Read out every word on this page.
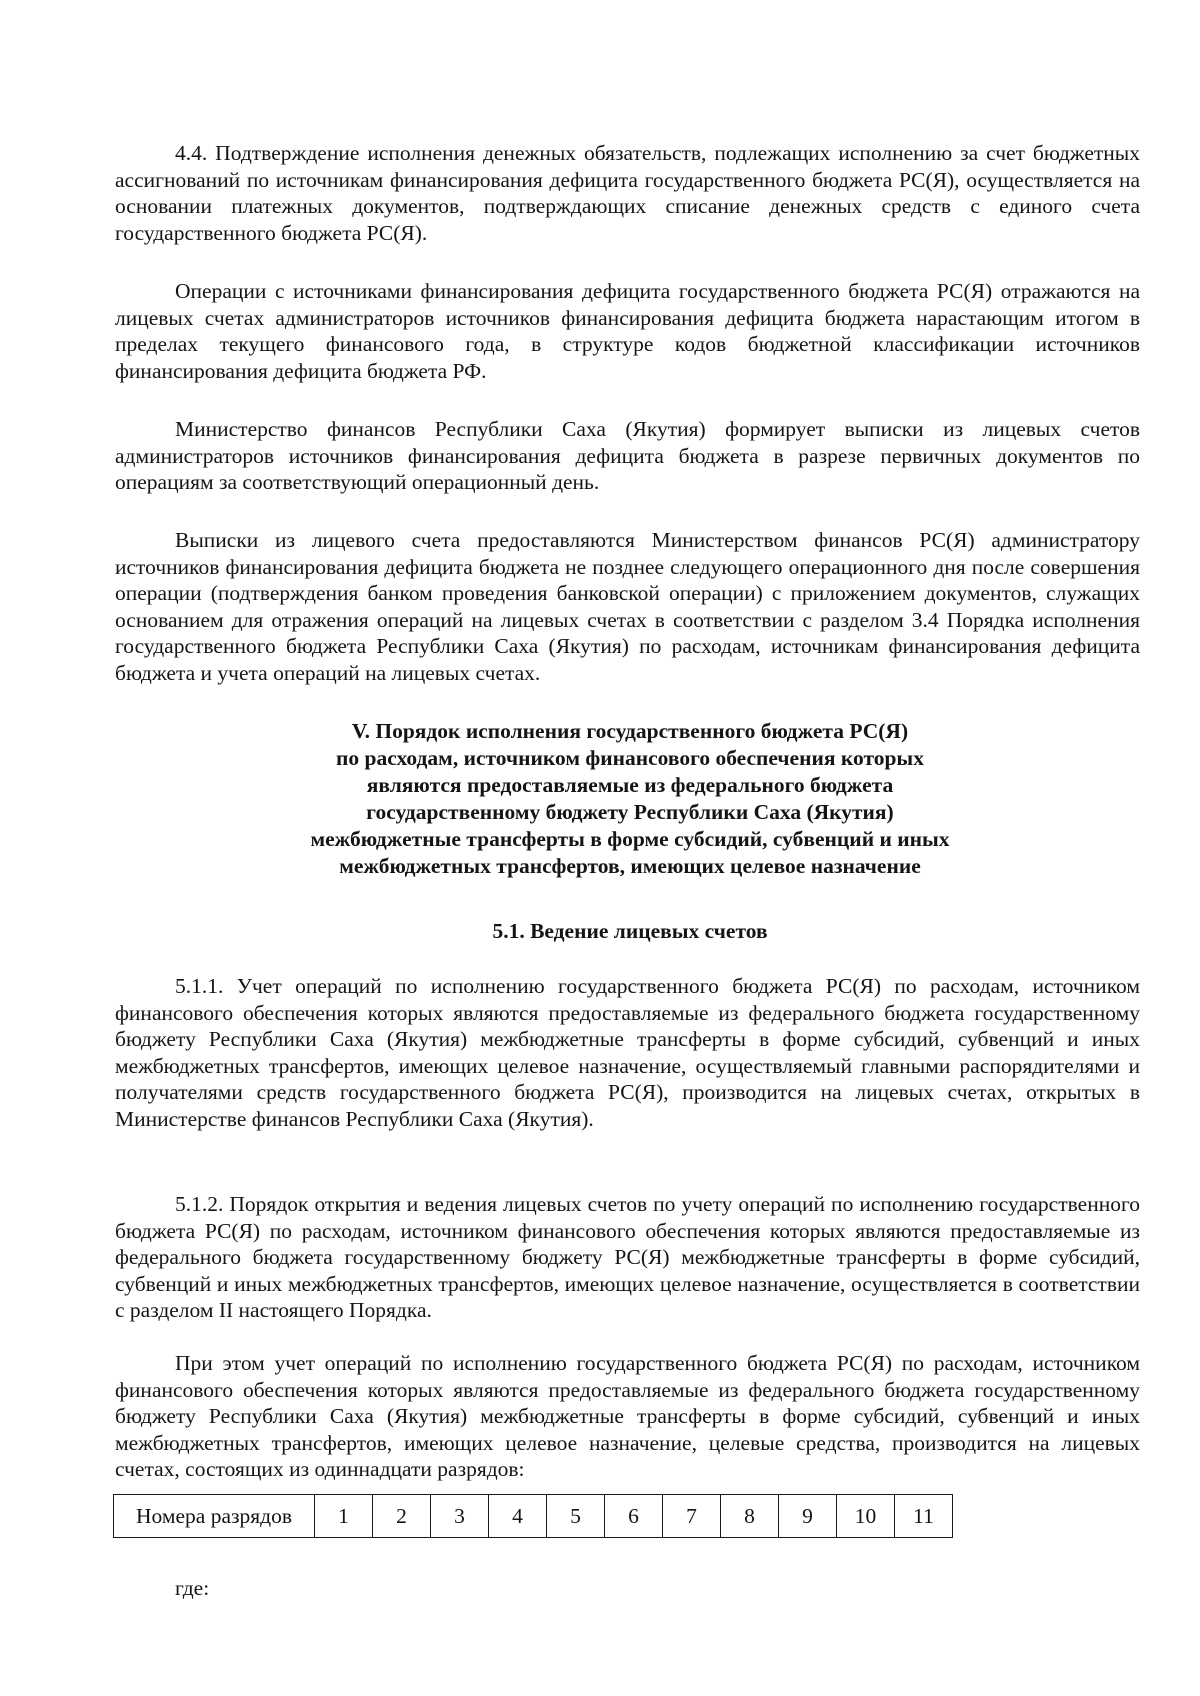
4.4. Подтверждение исполнения денежных обязательств, подлежащих исполнению за счет бюджетных ассигнований по источникам финансирования дефицита государственного бюджета РС(Я), осуществляется на основании платежных документов, подтверждающих списание денежных средств с единого счета государственного бюджета РС(Я).

Операции с источниками финансирования дефицита государственного бюджета РС(Я) отражаются на лицевых счетах администраторов источников финансирования дефицита бюджета нарастающим итогом в пределах текущего финансового года, в структуре кодов бюджетной классификации источников финансирования дефицита бюджета РФ.

Министерство финансов Республики Саха (Якутия) формирует выписки из лицевых счетов администраторов источников финансирования дефицита бюджета в разрезе первичных документов по операциям за соответствующий операционный день.

Выписки из лицевого счета предоставляются Министерством финансов РС(Я) администратору источников финансирования дефицита бюджета не позднее следующего операционного дня после совершения операции (подтверждения банком проведения банковской операции) с приложением документов, служащих основанием для отражения операций на лицевых счетах в соответствии с разделом 3.4 Порядка исполнения государственного бюджета Республики Саха (Якутия) по расходам, источникам финансирования дефицита бюджета и учета операций на лицевых счетах.

V. Порядок исполнения государственного бюджета РС(Я)
по расходам, источником финансового обеспечения которых
являются предоставляемые из федерального бюджета
государственному бюджету Республики Саха (Якутия)
межбюджетные трансферты в форме субсидий, субвенций и иных
межбюджетных трансфертов, имеющих целевое назначение
5.1. Ведение лицевых счетов

5.1.1. Учет операций по исполнению государственного бюджета РС(Я) по расходам, источником финансового обеспечения которых являются предоставляемые из федерального бюджета государственному бюджету Республики Саха (Якутия) межбюджетные трансферты в форме субсидий, субвенций и иных межбюджетных трансфертов, имеющих целевое назначение, осуществляемый главными распорядителями и получателями средств государственного бюджета РС(Я), производится на лицевых счетах, открытых в Министерстве финансов Республики Саха (Якутия).

5.1.2. Порядок открытия и ведения лицевых счетов по учету операций по исполнению государственного бюджета РС(Я) по расходам, источником финансового обеспечения которых являются предоставляемые из федерального бюджета государственному бюджету РС(Я) межбюджетные трансферты в форме субсидий, субвенций и иных межбюджетных трансфертов, имеющих целевое назначение, осуществляется в соответствии с разделом II настоящего Порядка.

При этом учет операций по исполнению государственного бюджета РС(Я) по расходам, источником финансового обеспечения которых являются предоставляемые из федерального бюджета государственному бюджету Республики Саха (Якутия) межбюджетные трансферты в форме субсидий, субвенций и иных межбюджетных трансфертов, имеющих целевое назначение, целевые средства, производится на лицевых счетах, состоящих из одиннадцати разрядов:

Номера разрядов	1	2	3	4	5	6	7	8	9	10	11

где:
